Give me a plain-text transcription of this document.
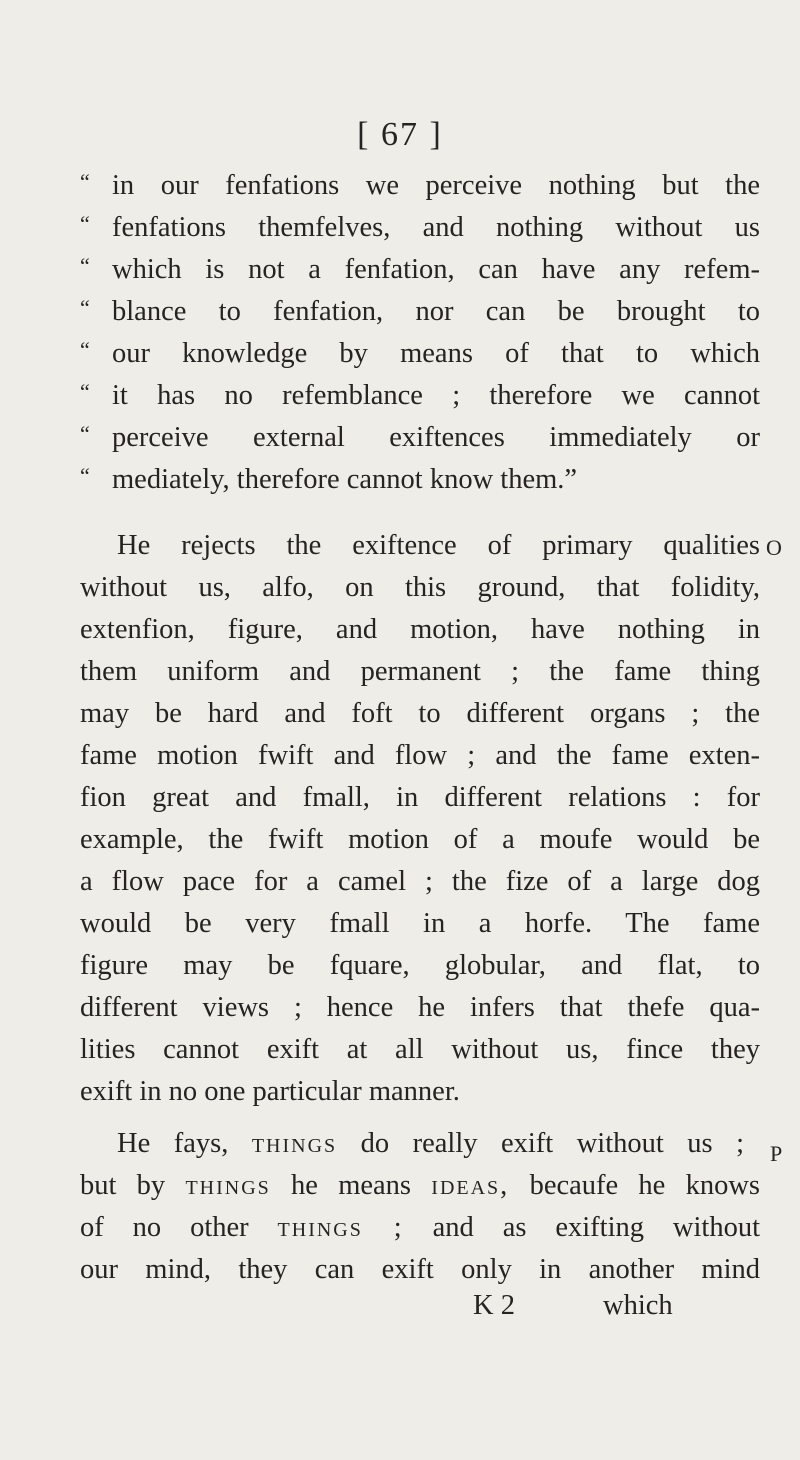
[ 67 ]
“ in our fenfations we perceive nothing but the
“ fenfations themfelves, and nothing without us
“ which is not a fenfation, can have any refem-
“ blance to fenfation, nor can be brought to
“ our knowledge by means of that to which
“ it has no refemblance ; therefore we cannot
“ perceive external exiftences immediately or
“ mediately, therefore cannot know them.”
He rejects the exiftence of primary qualities O
without us, alfo, on this ground, that folidity,
extenfion, figure, and motion, have nothing in
them uniform and permanent ; the fame thing
may be hard and foft to different organs ; the
fame motion fwift and flow ; and the fame exten-
fion great and fmall, in different relations : for
example, the fwift motion of a moufe would be
a flow pace for a camel ; the fize of a large dog
would be very fmall in a horfe. The fame
figure may be fquare, globular, and flat, to
different views ; hence he infers that thefe qua-
lities cannot exift at all without us, fince they
exift in no one particular manner.
He fays, things do really exift without us ; P
but by things he means ideas, becaufe he knows
of no other things ; and as exifting without
our mind, they can exift only in another mind
K 2	which
